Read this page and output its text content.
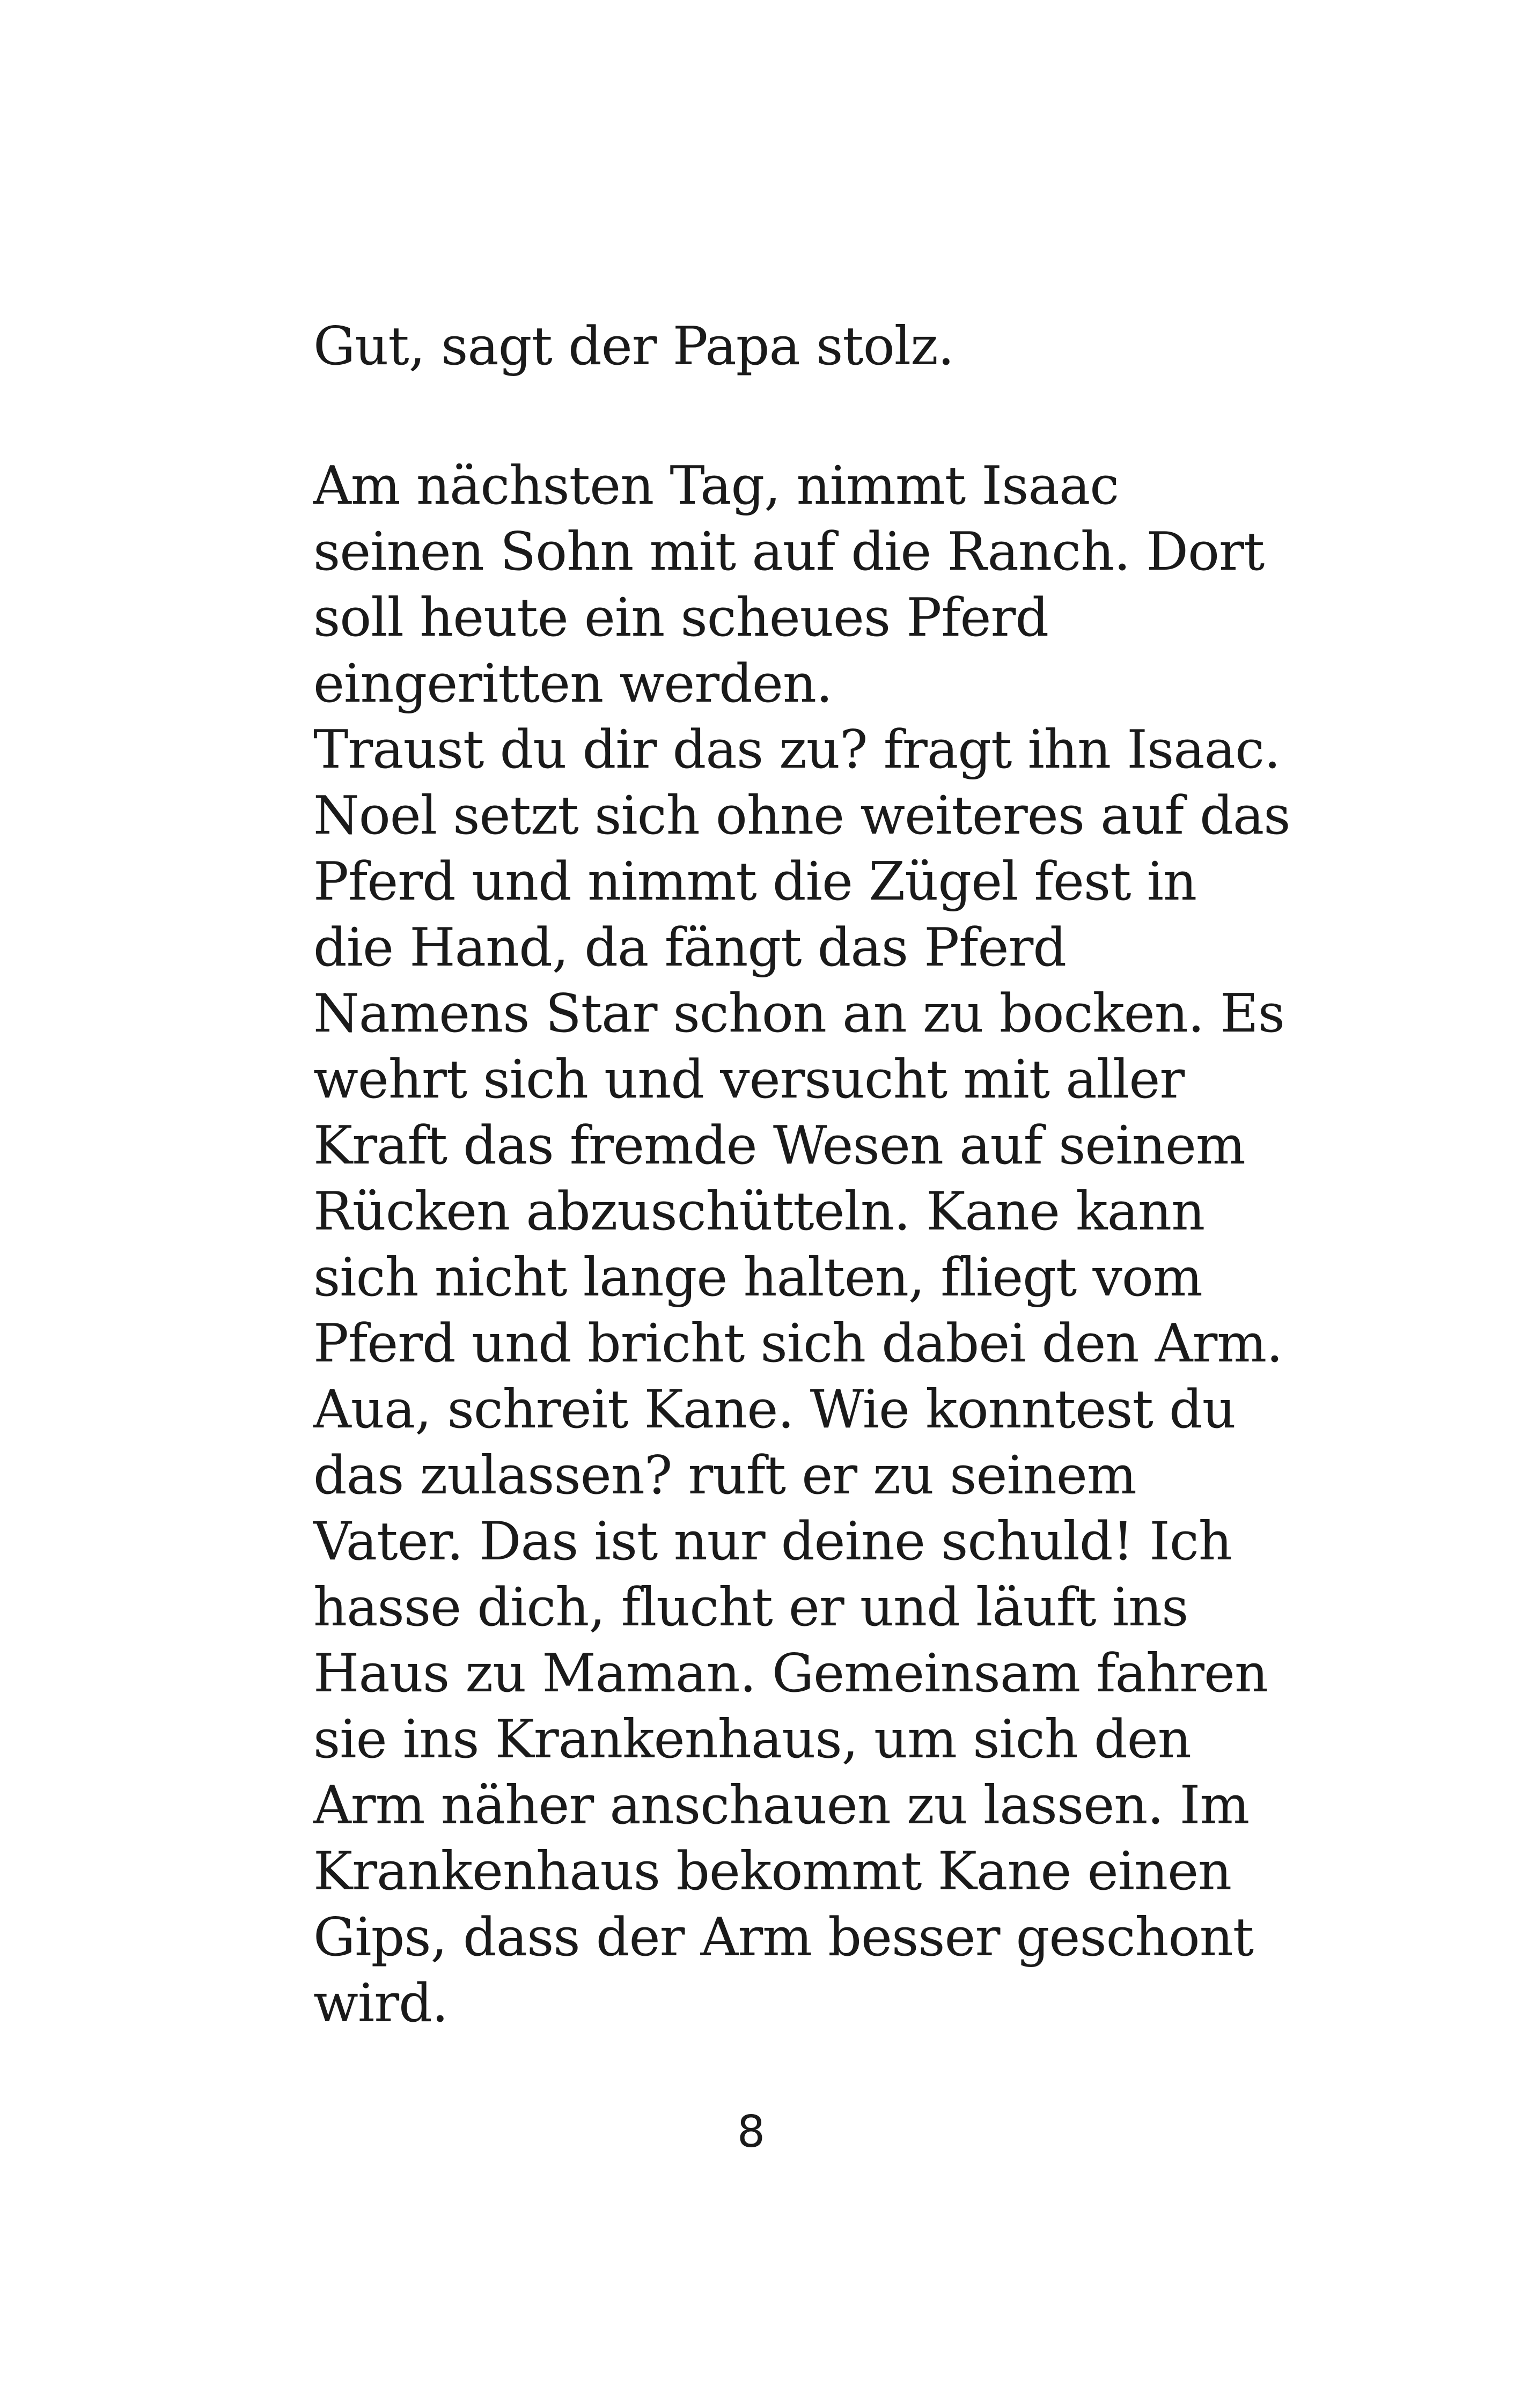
Gut, sagt der Papa stolz.
Am nächsten Tag, nimmt Isaac
seinen Sohn mit auf die Ranch. Dort
soll heute ein scheues Pferd
eingeritten werden.
Traust du dir das zu? fragt ihn Isaac.
Noel setzt sich ohne weiteres auf das
Pferd und nimmt die Zügel fest in
die Hand, da fängt das Pferd
Namens Star schon an zu bocken. Es
wehrt sich und versucht mit aller
Kraft das fremde Wesen auf seinem
Rücken abzuschütteln. Kane kann
sich nicht lange halten, fliegt vom
Pferd und bricht sich dabei den Arm.
Aua, schreit Kane. Wie konntest du
das zulassen? ruft er zu seinem
Vater. Das ist nur deine schuld! Ich
hasse dich, flucht er und läuft ins
Haus zu Maman. Gemeinsam fahren
sie ins Krankenhaus, um sich den
Arm näher anschauen zu lassen. Im
Krankenhaus bekommt Kane einen
Gips, dass der Arm besser geschont
wird.
8
